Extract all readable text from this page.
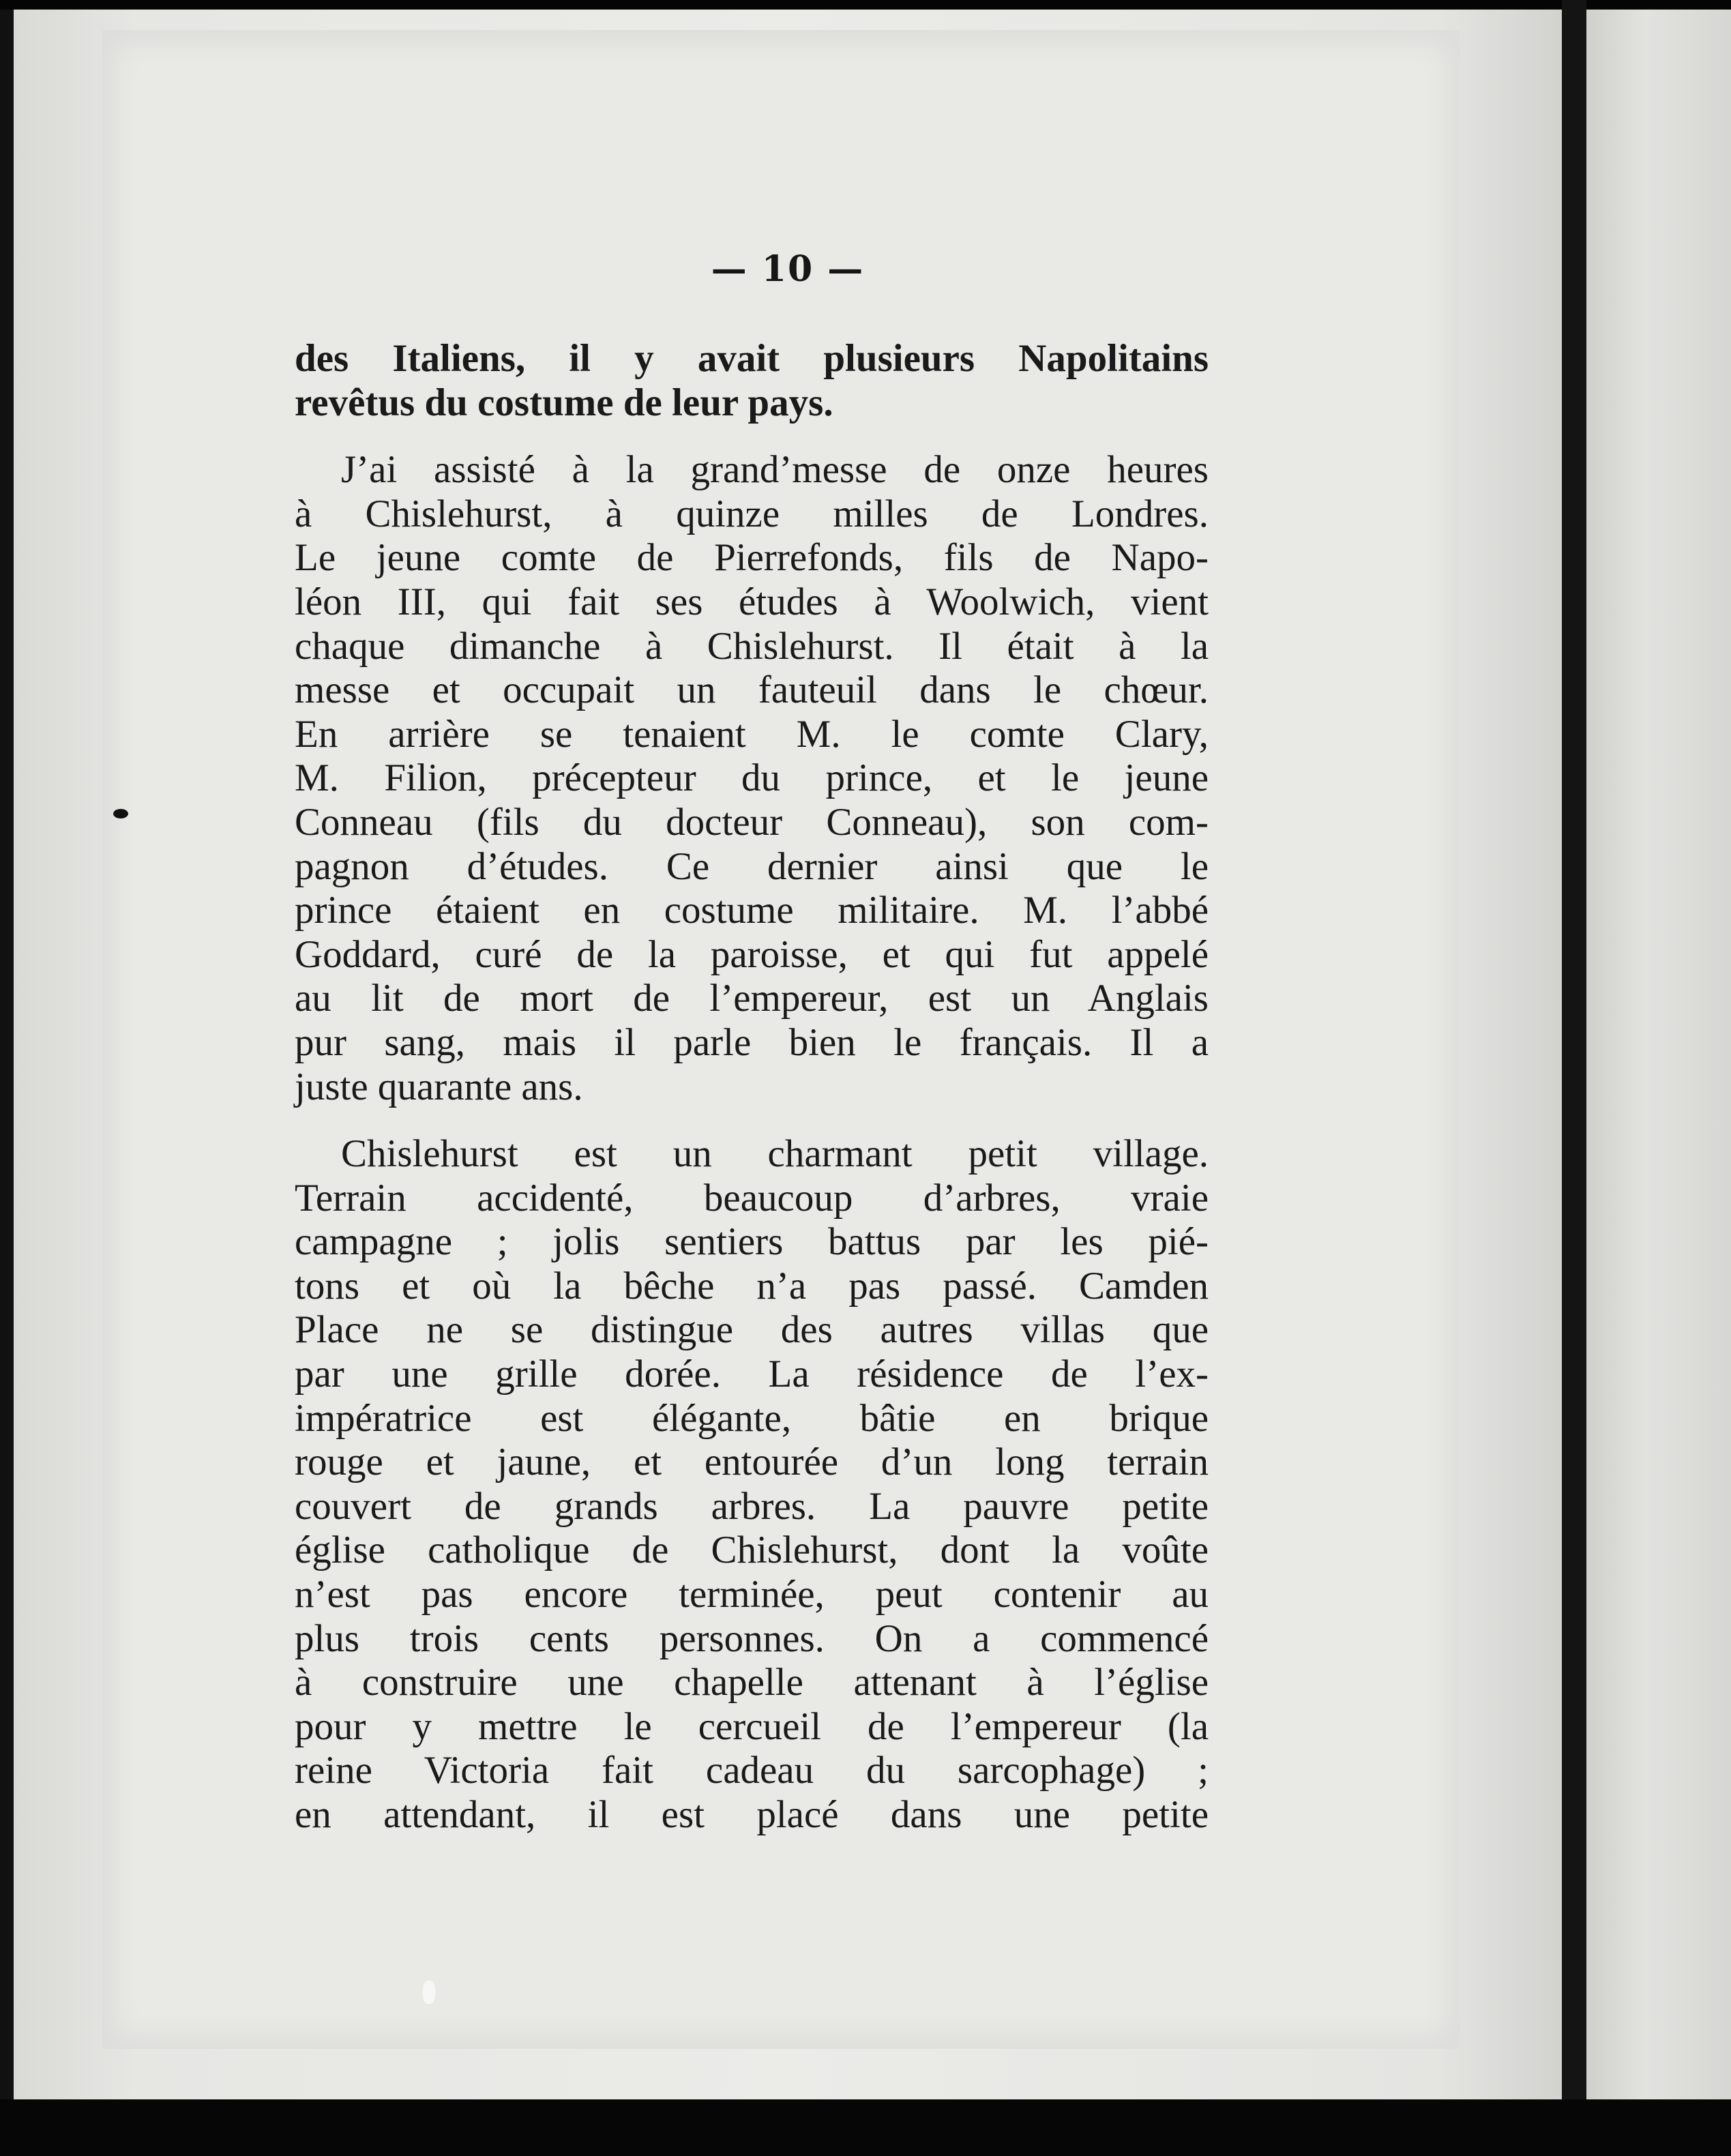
— 10 —
des Italiens, il y avait plusieurs Napolitains
revêtus du costume de leur pays.
J’ai assisté à la grand’messe de onze heures
à Chislehurst, à quinze milles de Londres.
Le jeune comte de Pierrefonds, fils de Napo-
léon III, qui fait ses études à Woolwich, vient
chaque dimanche à Chislehurst. Il était à la
messe et occupait un fauteuil dans le chœur.
En arrière se tenaient M. le comte Clary,
M. Filion, précepteur du prince, et le jeune
Conneau (fils du docteur Conneau), son com-
pagnon d’études. Ce dernier ainsi que le
prince étaient en costume militaire. M. l’abbé
Goddard, curé de la paroisse, et qui fut appelé
au lit de mort de l’empereur, est un Anglais
pur sang, mais il parle bien le français. Il a
juste quarante ans.
Chislehurst est un charmant petit village.
Terrain accidenté, beaucoup d’arbres, vraie
campagne ; jolis sentiers battus par les pié-
tons et où la bêche n’a pas passé. Camden
Place ne se distingue des autres villas que
par une grille dorée. La résidence de l’ex-
impératrice est élégante, bâtie en brique
rouge et jaune, et entourée d’un long terrain
couvert de grands arbres. La pauvre petite
église catholique de Chislehurst, dont la voûte
n’est pas encore terminée, peut contenir au
plus trois cents personnes. On a commencé
à construire une chapelle attenant à l’église
pour y mettre le cercueil de l’empereur (la
reine Victoria fait cadeau du sarcophage) ;
en attendant, il est placé dans une petite
